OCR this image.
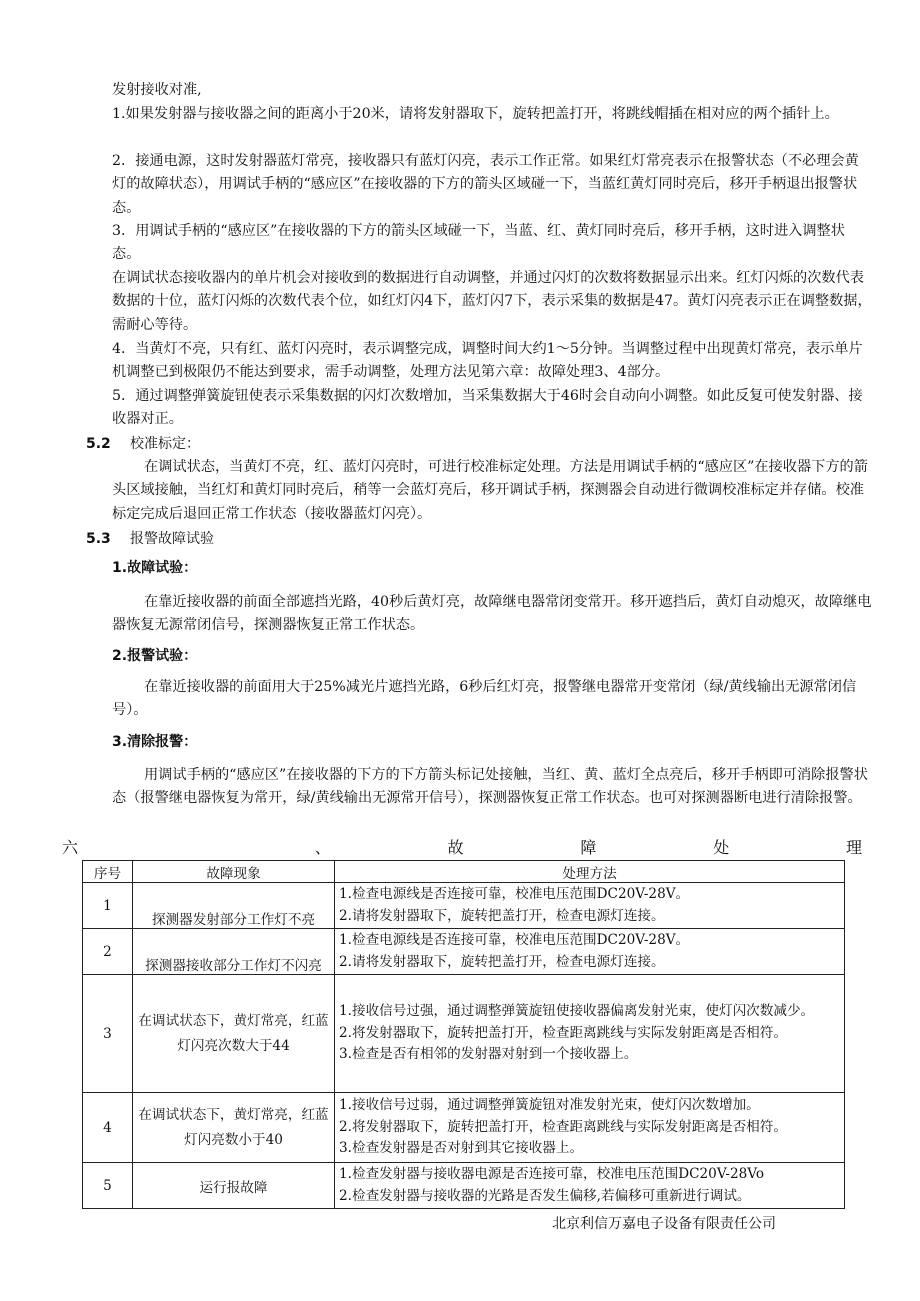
发射接收对准,
1.如果发射器与接收器之间的距离小于20米，请将发射器取下，旋转把盖打开，将跳线帽插在相对应的两个插针上。
2．接通电源，这时发射器蓝灯常亮，接收器只有蓝灯闪亮，表示工作正常。如果红灯常亮表示在报警状态（不必理会黄灯的故障状态），用调试手柄的“感应区”在接收器的下方的箭头区域碰一下，当蓝红黄灯同时亮后，移开手柄退出报警状态。
3．用调试手柄的“感应区”在接收器的下方的箭头区域碰一下，当蓝、红、黄灯同时亮后，移开手柄，这时进入调整状态。
在调试状态接收器内的单片机会对接收到的数据进行自动调整，并通过闪灯的次数将数据显示出来。红灯闪烁的次数代表数据的十位，蓝灯闪烁的次数代表个位，如红灯闪4下，蓝灯闪7下，表示采集的数据是47。黄灯闪亮表示正在调整数据，需耐心等待。
4．当黄灯不亮，只有红、蓝灯闪亮时，表示调整完成，调整时间大约1～5分钟。当调整过程中出现黄灯常亮，表示单片机调整已到极限仍不能达到要求，需手动调整，处理方法见第六章：故障处理3、4部分。
5．通过调整弹簧旋钮使表示采集数据的闪灯次数增加，当采集数据大于46时会自动向小调整。如此反复可使发射器、接收器对正。
5.2 校准标定：
在调试状态，当黄灯不亮，红、蓝灯闪亮时，可进行校准标定处理。方法是用调试手柄的“感应区”在接收器下方的箭头区域接触，当红灯和黄灯同时亮后，稍等一会蓝灯亮后，移开调试手柄，探测器会自动进行微调校准标定并存储。校准标定完成后退回正常工作状态（接收器蓝灯闪亮）。
5.3 报警故障试验
1.故障试验：
在靠近接收器的前面全部遮挡光路，40秒后黄灯亮，故障继电器常闭变常开。移开遮挡后，黄灯自动熄灭，故障继电器恢复无源常闭信号，探测器恢复正常工作状态。
2.报警试验：
在靠近接收器的前面用大于25%减光片遮挡光路，6秒后红灯亮，报警继电器常开变常闭（绿/黄线输出无源常闭信号）。
3.清除报警：
用调试手柄的“感应区”在接收器的下方的下方箭头标记处接触，当红、黄、蓝灯全点亮后，移开手柄即可消除报警状态（报警继电器恢复为常开，绿/黄线输出无源常开信号），探测器恢复正常工作状态。也可对探测器断电进行清除报警。
六	、	故	障	处	理
序号	故障现象	处理方法
1	探测器发射部分工作灯不亮	1.检查电源线是否连接可靠，校准电压范围DC20V-28V。
2.请将发射器取下，旋转把盖打开，检查电源灯连接。

2	探测器接收部分工作灯不闪亮	1.检查电源线是否连接可靠，校准电压范围DC20V-28V。
2.请将发射器取下，旋转把盖打开，检查电源灯连接。

3	在调试状态下，黄灯常亮，红蓝灯闪亮次数大于44	1.接收信号过强，通过调整弹簧旋钮使接收器偏离发射光束，使灯闪次数减少。
2.将发射器取下，旋转把盖打开，检查距离跳线与实际发射距离是否相符。
3.检查是否有相邻的发射器对射到一个接收器上。

4	在调试状态下，黄灯常亮，红蓝灯闪亮数小于40	1.接收信号过弱，通过调整弹簧旋钮对准发射光束，使灯闪次数增加。
2.将发射器取下，旋转把盖打开，检查距离跳线与实际发射距离是否相符。
3.检查发射器是否对射到其它接收器上。

5	运行报故障	1.检查发射器与接收器电源是否连接可靠，校准电压范围DC20V-28Vo
2.检查发射器与接收器的光路是否发生偏移,若偏移可重新进行调试。
北京利信万嘉电子设备有限责任公司
